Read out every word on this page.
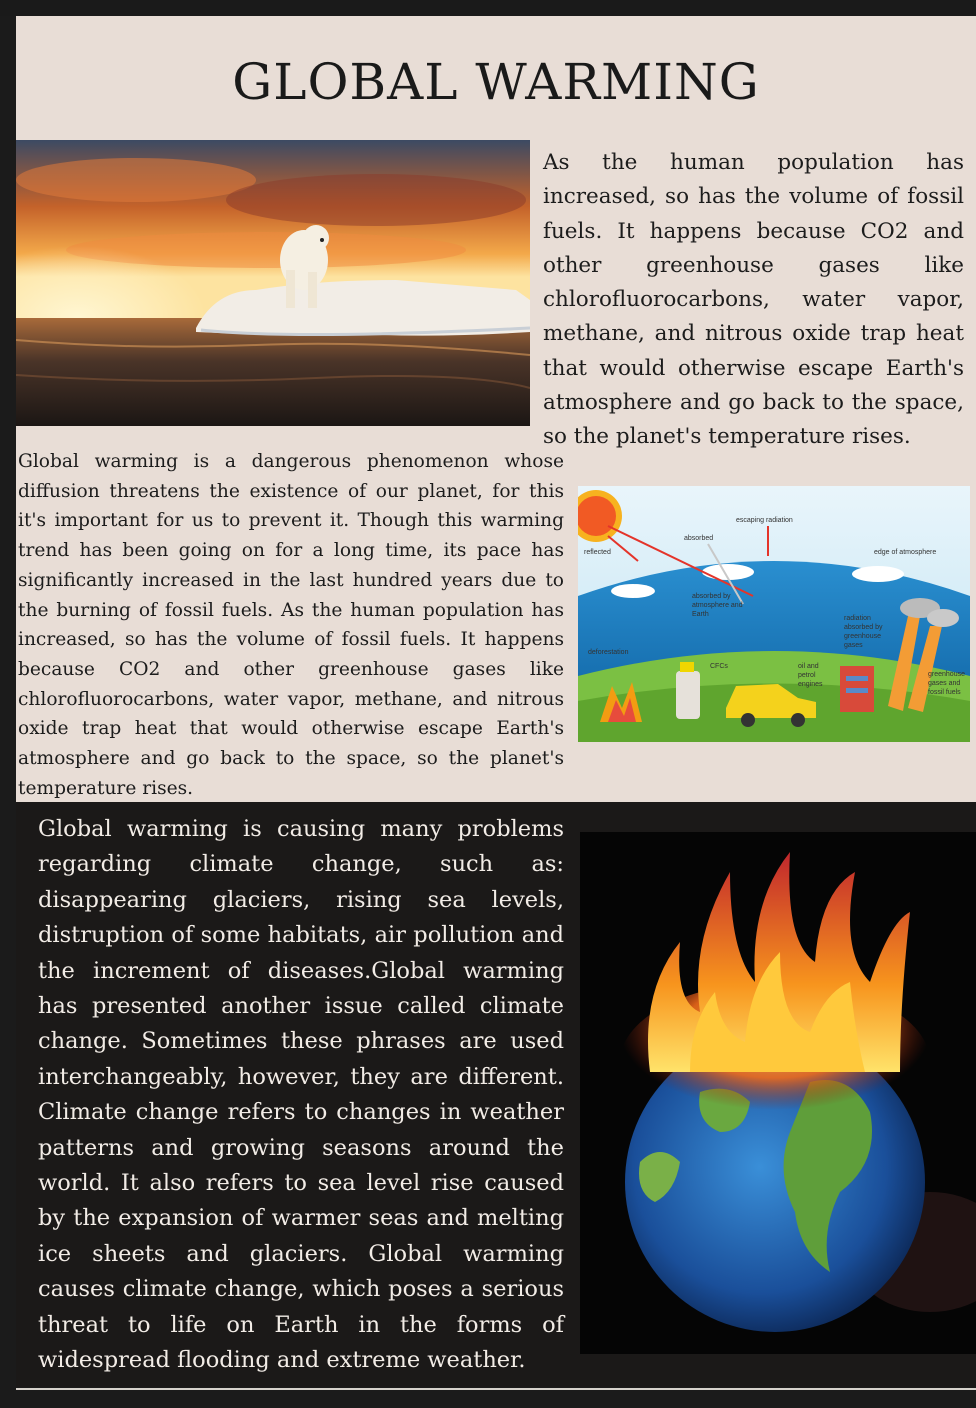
GLOBAL WARMING

As the human population has increased, so has the volume of fossil fuels. It happens because CO2 and other greenhouse gases like chlorofluorocarbons, water vapor, methane, and nitrous oxide trap heat that would otherwise escape Earth's atmosphere and go back to the space, so the planet's temperature rises.

Global warming is a dangerous phenomenon whose diffusion threatens the existence of our planet, for this it's important for us to prevent it. Though this warming trend has been going on for a long time, its pace has significantly increased in the last hundred years due to the burning of fossil fuels. As the human population has increased, so has the volume of fossil fuels. It happens because CO2 and other greenhouse gases like chlorofluorocarbons, water vapor, methane, and nitrous oxide trap heat that would otherwise escape Earth's atmosphere and go back to the space, so the planet's temperature rises.

reflected
absorbed
escaping radiation
edge of atmosphere
absorbed by
atmosphere and
Earth
radiation
absorbed by
greenhouse
gases
deforestation
CFCs	oil and
petrol
engines
greenhouse
gases and
fossil fuels

Global warming is causing many problems regarding climate change, such as: disappearing glaciers, rising sea levels, distruption of some habitats, air pollution and the increment of diseases.Global warming has presented another issue called climate change. Sometimes these phrases are used interchangeably, however, they are different. Climate change refers to changes in weather patterns and growing seasons around the world. It also refers to sea level rise caused by the expansion of warmer seas and melting ice sheets and glaciers. Global warming causes climate change, which poses a serious threat to life on Earth in the forms of widespread flooding and extreme weather.
